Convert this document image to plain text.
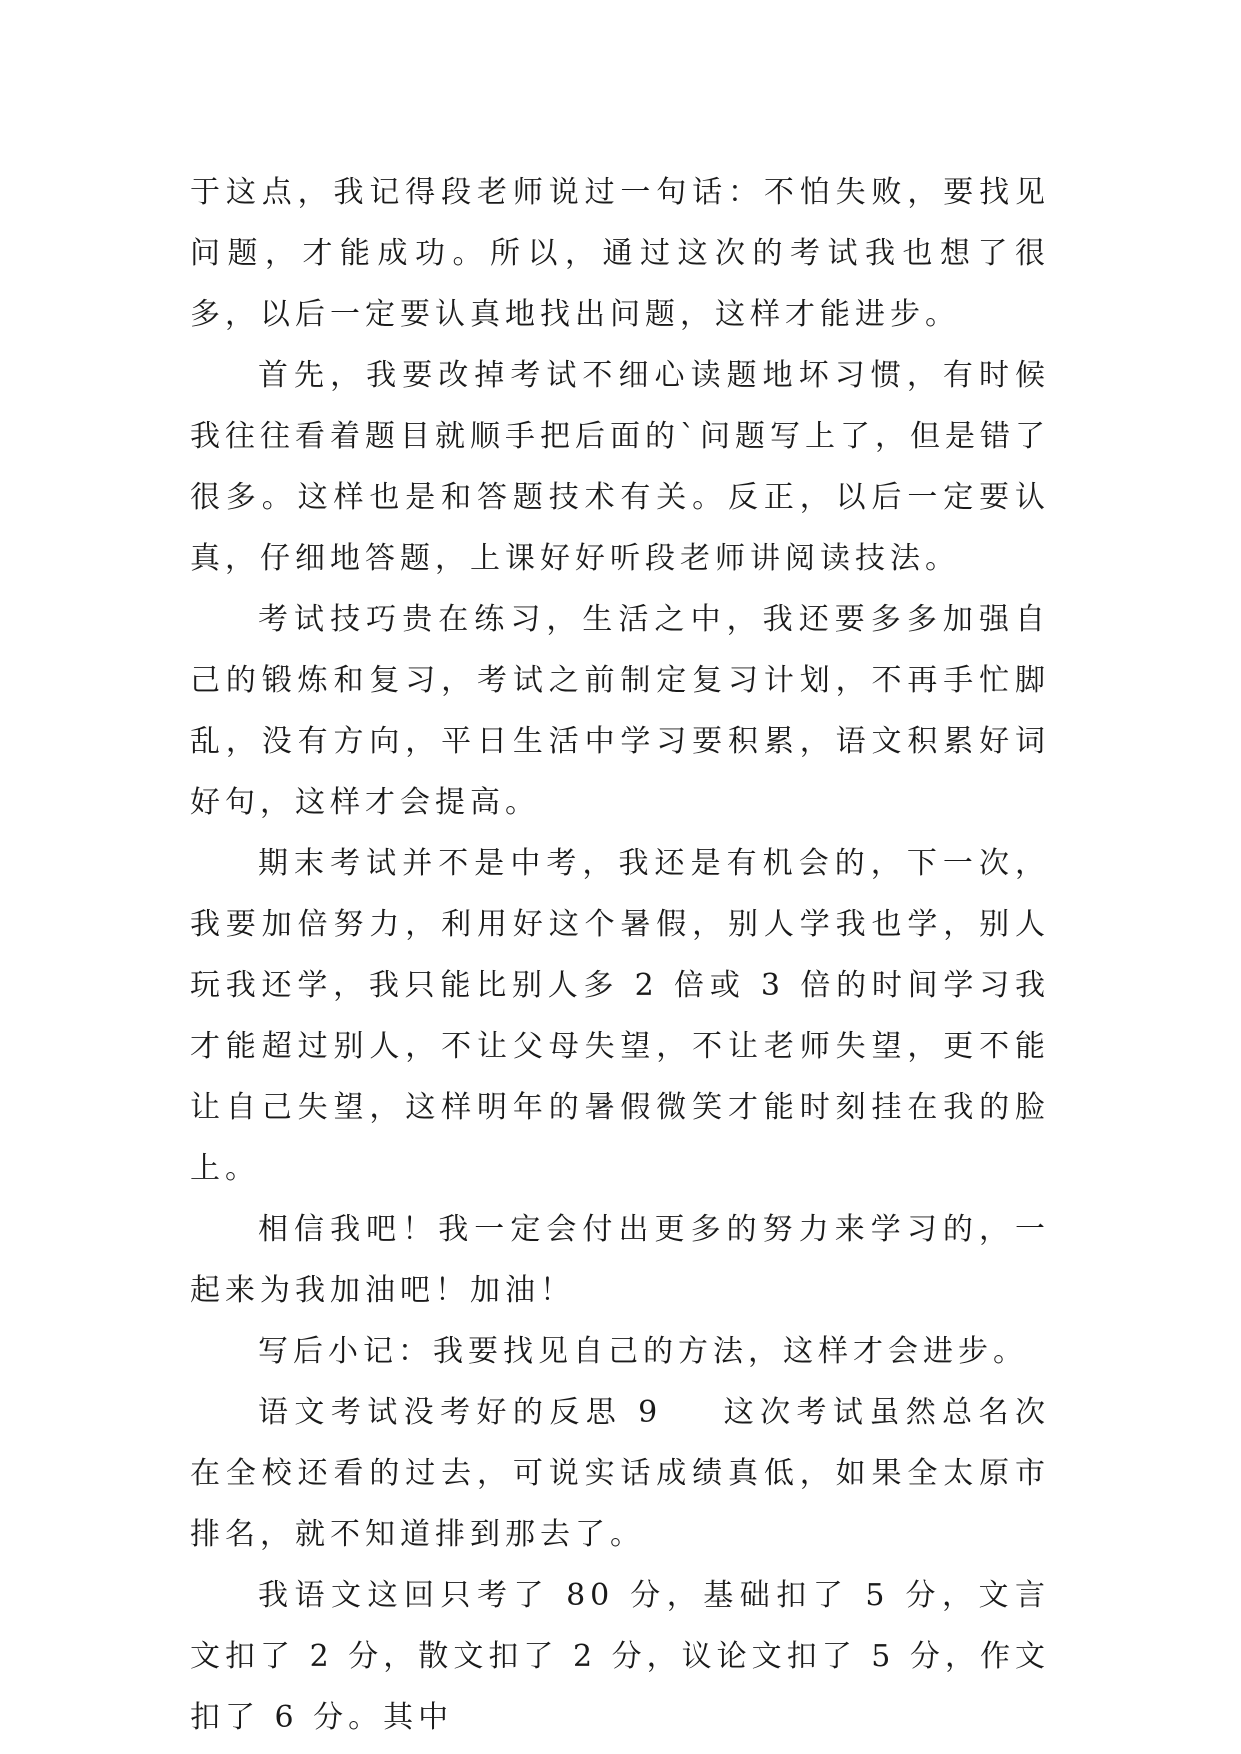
于这点，我记得段老师说过一句话：不怕失败，要找见问题，才能成功。所以，通过这次的考试我也想了很多，以后一定要认真地找出问题，这样才能进步。

首先，我要改掉考试不细心读题地坏习惯，有时候我往往看着题目就顺手把后面的`问题写上了，但是错了很多。这样也是和答题技术有关。反正，以后一定要认真，仔细地答题，上课好好听段老师讲阅读技法。

考试技巧贵在练习，生活之中，我还要多多加强自己的锻炼和复习，考试之前制定复习计划，不再手忙脚乱，没有方向，平日生活中学习要积累，语文积累好词好句，这样才会提高。

期末考试并不是中考，我还是有机会的，下一次，我要加倍努力，利用好这个暑假，别人学我也学，别人玩我还学，我只能比别人多 2 倍或 3 倍的时间学习我才能超过别人，不让父母失望，不让老师失望，更不能让自己失望，这样明年的暑假微笑才能时刻挂在我的脸上。

相信我吧！我一定会付出更多的努力来学习的，一起来为我加油吧！加油！

写后小记：我要找见自己的方法，这样才会进步。

语文考试没考好的反思 9 这次考试虽然总名次在全校还看的过去，可说实话成绩真低，如果全太原市排名，就不知道排到那去了。

我语文这回只考了 80 分，基础扣了 5 分，文言文扣了 2 分，散文扣了 2 分，议论文扣了 5 分，作文扣了 6 分。其中
